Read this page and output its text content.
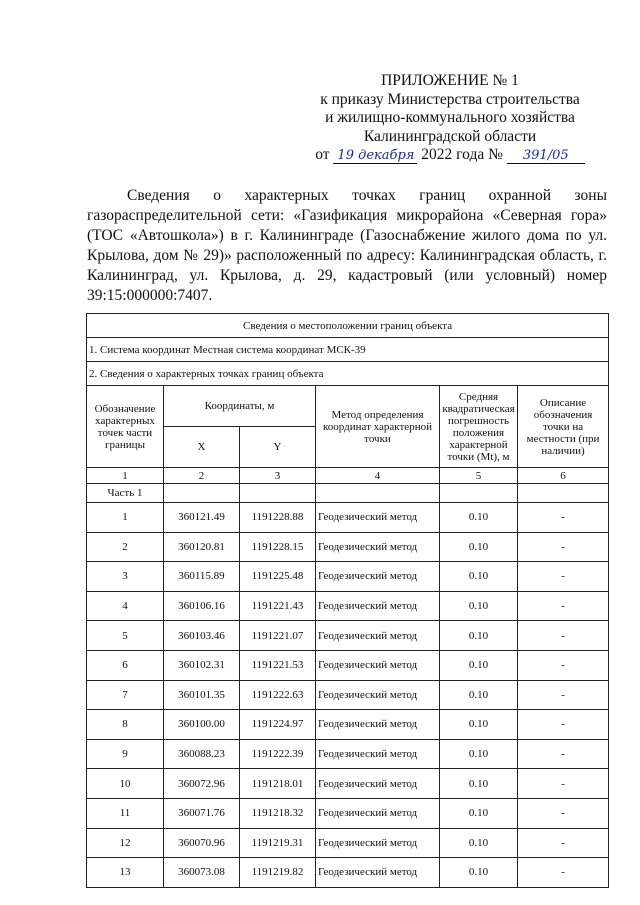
ПРИЛОЖЕНИЕ № 1
к приказу Министерства строительства
и жилищно-коммунального хозяйства
Калининградской области
от 19 декабря 2022 года № 391/05

Сведения о характерных точках границ охранной зоны газораспределительной сети: «Газификация микрорайона «Северная гора» (ТОС «Автошкола») в г. Калининграде (Газоснабжение жилого дома по ул. Крылова, дом № 29)» расположенный по адресу: Калининградская область, г. Калининград, ул. Крылова, д. 29, кадастровый (или условный) номер 39:15:000000:7407.

Сведения о местоположении границ объекта					
1. Система координат Местная система координат МСК-39					
2. Сведения о характерных точках границ объекта					
Обозначение характерных точек части границы	Координаты, м		Метод определения координат характерной точки	Средняя квадратическая погрешность положения характерной точки (Mt), м	Описание обозначения точки на местности (при наличии)
	X	Y			
1	2	3	4	5	6
Часть 1					
1	360121.49	1191228.88	Геодезический метод	0.10	-
2	360120.81	1191228.15	Геодезический метод	0.10	-
3	360115.89	1191225.48	Геодезический метод	0.10	-
4	360106.16	1191221.43	Геодезический метод	0.10	-
5	360103.46	1191221.07	Геодезический метод	0.10	-
6	360102.31	1191221.53	Геодезический метод	0.10	-
7	360101.35	1191222.63	Геодезический метод	0.10	-
8	360100.00	1191224.97	Геодезический метод	0.10	-
9	360088.23	1191222.39	Геодезический метод	0.10	-
10	360072.96	1191218.01	Геодезический метод	0.10	-
11	360071.76	1191218.32	Геодезический метод	0.10	-
12	360070.96	1191219.31	Геодезический метод	0.10	-
13	360073.08	1191219.82	Геодезический метод	0.10	-
